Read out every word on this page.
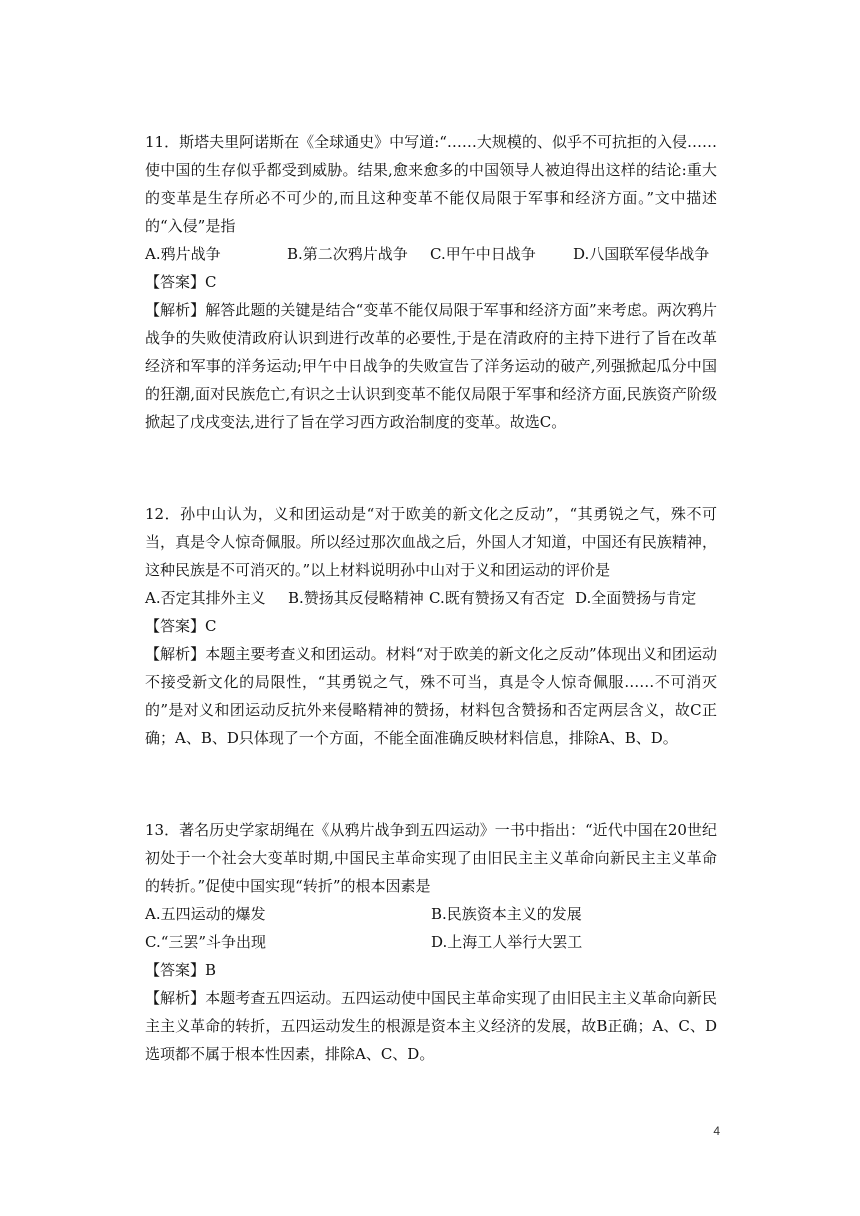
11．斯塔夫里阿诺斯在《全球通史》中写道:“……大规模的、似乎不可抗拒的入侵……使中国的生存似乎都受到威胁。结果,愈来愈多的中国领导人被迫得出这样的结论:重大的变革是生存所必不可少的,而且这种变革不能仅局限于军事和经济方面。”文中描述的“入侵”是指

A.鸦片战争	B.第二次鸦片战争	C.甲午中日战争	D.八国联军侵华战争

【答案】C

【解析】解答此题的关键是结合“变革不能仅局限于军事和经济方面”来考虑。两次鸦片战争的失败使清政府认识到进行改革的必要性,于是在清政府的主持下进行了旨在改革经济和军事的洋务运动;甲午中日战争的失败宣告了洋务运动的破产,列强掀起瓜分中国的狂潮,面对民族危亡,有识之士认识到变革不能仅局限于军事和经济方面,民族资产阶级掀起了戊戌变法,进行了旨在学习西方政治制度的变革。故选C。

12．孙中山认为，义和团运动是“对于欧美的新文化之反动”，“其勇锐之气，殊不可当，真是令人惊奇佩服。所以经过那次血战之后，外国人才知道，中国还有民族精神，这种民族是不可消灭的。”以上材料说明孙中山对于义和团运动的评价是

A.否定其排外主义	B.赞扬其反侵略精神 C.既有赞扬又有否定 D.全面赞扬与肯定

【答案】C

【解析】本题主要考查义和团运动。材料“对于欧美的新文化之反动”体现出义和团运动不接受新文化的局限性，“其勇锐之气，殊不可当，真是令人惊奇佩服……不可消灭的”是对义和团运动反抗外来侵略精神的赞扬，材料包含赞扬和否定两层含义，故C正确；A、B、D只体现了一个方面，不能全面准确反映材料信息，排除A、B、D。

13．著名历史学家胡绳在《从鸦片战争到五四运动》一书中指出：“近代中国在20世纪初处于一个社会大变革时期,中国民主革命实现了由旧民主主义革命向新民主主义革命的转折。”促使中国实现“转折”的根本因素是

A.五四运动的爆发	B.民族资本主义的发展
C.“三罢”斗争出现	D.上海工人举行大罢工

【答案】B

【解析】本题考查五四运动。五四运动使中国民主革命实现了由旧民主主义革命向新民主主义革命的转折，五四运动发生的根源是资本主义经济的发展，故B正确；A、C、D选项都不属于根本性因素，排除A、C、D。

4
